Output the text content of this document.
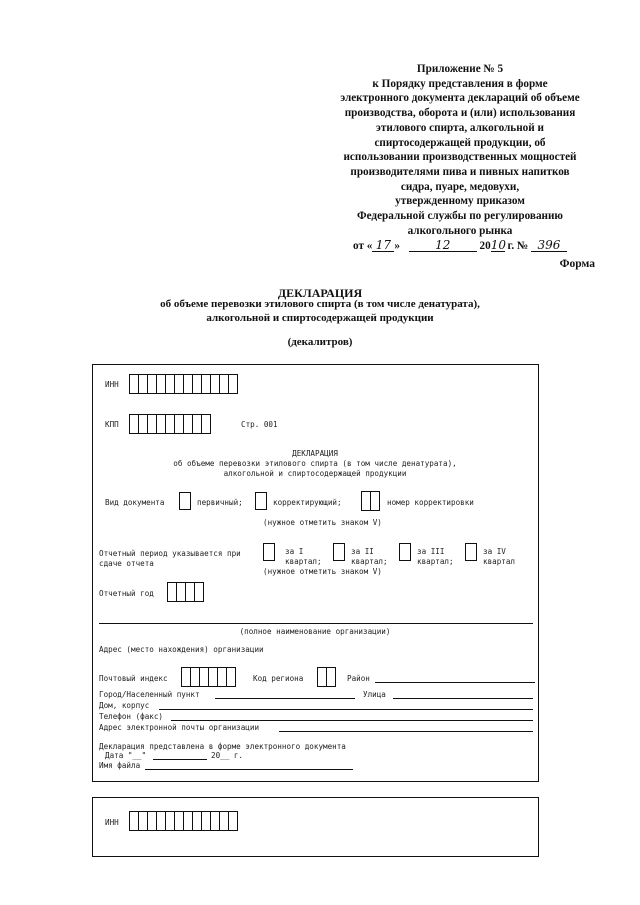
Приложение № 5
к Порядку представления в форме
электронного документа деклараций об объеме
производства, оборота и (или) использования
этилового спирта, алкогольной и
спиртосодержащей продукции, об
использовании производственных мощностей
производителями пива и пивных напитков
сидра, пуаре, медовухи,
утвержденному приказом
Федеральной службы по регулированию
алкогольного рынка
от « 17 »	12	2010 г. № 396
Форма
ДЕКЛАРАЦИЯ
об объеме перевозки этилового спирта (в том числе денатурата),
алкогольной и спиртосодержащей продукции
(декалитров)
ИНН
КПП	Стр. 001
ДЕКЛАРАЦИЯ
об объеме перевозки этилового спирта (в том числе денатурата),
алкогольной и спиртосодержащей продукции
Вид документа	первичный;	корректирующий;	номер корректировки
(нужное отметить знаком V)
Отчетный период указывается при
сдаче отчета
за I
квартал;
за II
квартал;
за III
квартал;
за IV
квартал
(нужное отметить знаком V)
Отчетный год
(полное наименование организации)
Адрес (место нахождения) организации
Почтовый индекс	Код региона	Район
Город/Населенный пункт	Улица
Дом, корпус
Телефон (факс)
Адрес электронной почты организации
Декларация представлена в форме электронного документа
Дата "__"	20__ г.
Имя файла
ИНН
